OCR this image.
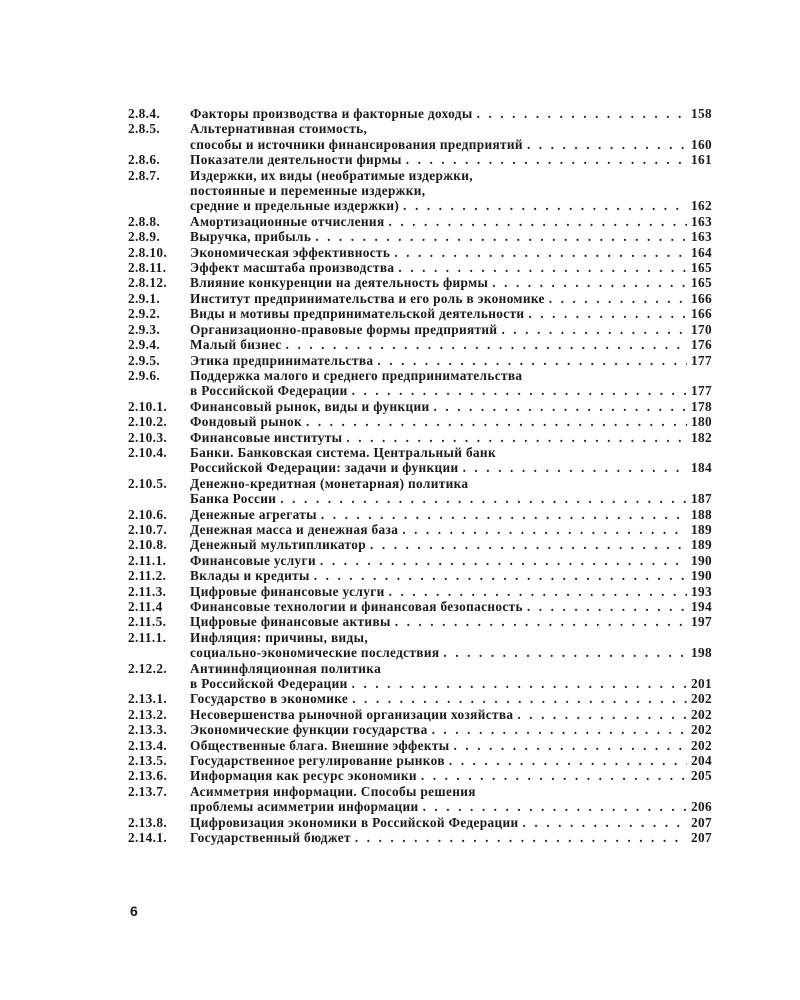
2.8.4.	Факторы производства и факторные доходы . . .	158
2.8.5.	Альтернативная стоимость,
способы и источники финансирования предприятий . . .	160
2.8.6.	Показатели деятельности фирмы . . .	161
2.8.7.	Издержки, их виды (необратимые издержки,
постоянные и переменные издержки,
средние и предельные издержки) . . .	162
2.8.8.	Амортизационные отчисления . . .	163
2.8.9.	Выручка, прибыль . . .	163
2.8.10.	Экономическая эффективность . . .	164
2.8.11.	Эффект масштаба производства . . .	165
2.8.12.	Влияние конкуренции на деятельность фирмы . . .	165
2.9.1.	Институт предпринимательства и его роль в экономике . . .	166
2.9.2.	Виды и мотивы предпринимательской деятельности . . .	166
2.9.3.	Организационно-правовые формы предприятий . . .	170
2.9.4.	Малый бизнес . . .	176
2.9.5.	Этика предпринимательства . . .	177
2.9.6.	Поддержка малого и среднего предпринимательства
в Российской Федерации . . .	177
2.10.1.	Финансовый рынок, виды и функции . . .	178
2.10.2.	Фондовый рынок . . .	180
2.10.3.	Финансовые институты . . .	182
2.10.4.	Банки. Банковская система. Центральный банк
Российской Федерации: задачи и функции . . .	184
2.10.5.	Денежно-кредитная (монетарная) политика
Банка России . . .	187
2.10.6.	Денежные агрегаты . . .	188
2.10.7.	Денежная масса и денежная база . . .	189
2.10.8.	Денежный мультипликатор . . .	189
2.11.1.	Финансовые услуги . . .	190
2.11.2.	Вклады и кредиты . . .	190
2.11.3.	Цифровые финансовые услуги . . .	193
2.11.4	Финансовые технологии и финансовая безопасность . . .	194
2.11.5.	Цифровые финансовые активы . . .	197
2.11.1.	Инфляция: причины, виды,
социально-экономические последствия . . .	198
2.12.2.	Антиинфляционная политика
в Российской Федерации . . .	201
2.13.1.	Государство в экономике . . .	202
2.13.2.	Несовершенства рыночной организации хозяйства . . .	202
2.13.3.	Экономические функции государства . . .	202
2.13.4.	Общественные блага. Внешние эффекты . . .	202
2.13.5.	Государственное регулирование рынков . . .	204
2.13.6.	Информация как ресурс экономики . . .	205
2.13.7.	Асимметрия информации. Способы решения
проблемы асимметрии информации . . .	206
2.13.8.	Цифровизация экономики в Российской Федерации . . .	207
2.14.1.	Государственный бюджет . . .	207
6
